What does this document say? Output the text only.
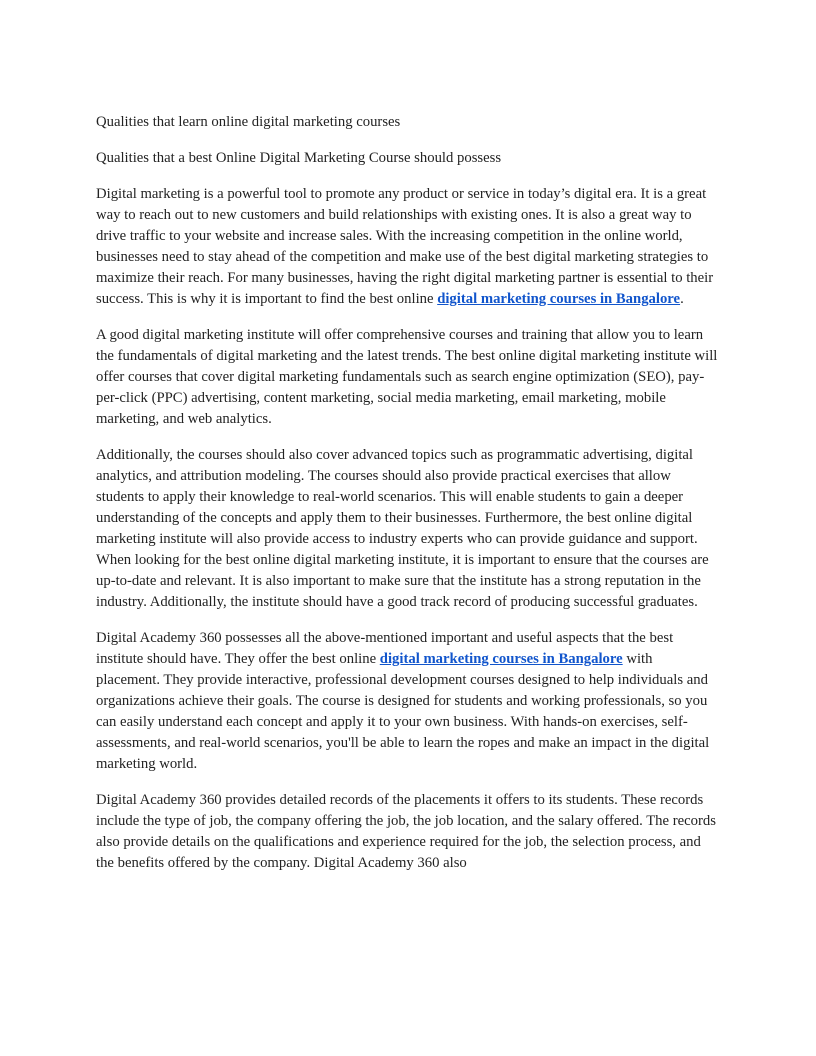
Qualities that learn online digital marketing courses

Qualities that a best Online Digital Marketing Course should possess

Digital marketing is a powerful tool to promote any product or service in today’s digital era. It is a great way to reach out to new customers and build relationships with existing ones. It is also a great way to drive traffic to your website and increase sales. With the increasing competition in the online world, businesses need to stay ahead of the competition and make use of the best digital marketing strategies to maximize their reach. For many businesses, having the right digital marketing partner is essential to their success. This is why it is important to find the best online digital marketing courses in Bangalore.

A good digital marketing institute will offer comprehensive courses and training that allow you to learn the fundamentals of digital marketing and the latest trends. The best online digital marketing institute will offer courses that cover digital marketing fundamentals such as search engine optimization (SEO), pay-per-click (PPC) advertising, content marketing, social media marketing, email marketing, mobile marketing, and web analytics.

Additionally, the courses should also cover advanced topics such as programmatic advertising, digital analytics, and attribution modeling. The courses should also provide practical exercises that allow students to apply their knowledge to real-world scenarios. This will enable students to gain a deeper understanding of the concepts and apply them to their businesses. Furthermore, the best online digital marketing institute will also provide access to industry experts who can provide guidance and support. When looking for the best online digital marketing institute, it is important to ensure that the courses are up-to-date and relevant. It is also important to make sure that the institute has a strong reputation in the industry. Additionally, the institute should have a good track record of producing successful graduates.

Digital Academy 360 possesses all the above-mentioned important and useful aspects that the best institute should have. They offer the best online digital marketing courses in Bangalore with placement. They provide interactive, professional development courses designed to help individuals and organizations achieve their goals. The course is designed for students and working professionals, so you can easily understand each concept and apply it to your own business. With hands-on exercises, self-assessments, and real-world scenarios, you'll be able to learn the ropes and make an impact in the digital marketing world.

Digital Academy 360 provides detailed records of the placements it offers to its students. These records include the type of job, the company offering the job, the job location, and the salary offered. The records also provide details on the qualifications and experience required for the job, the selection process, and the benefits offered by the company. Digital Academy 360 also
